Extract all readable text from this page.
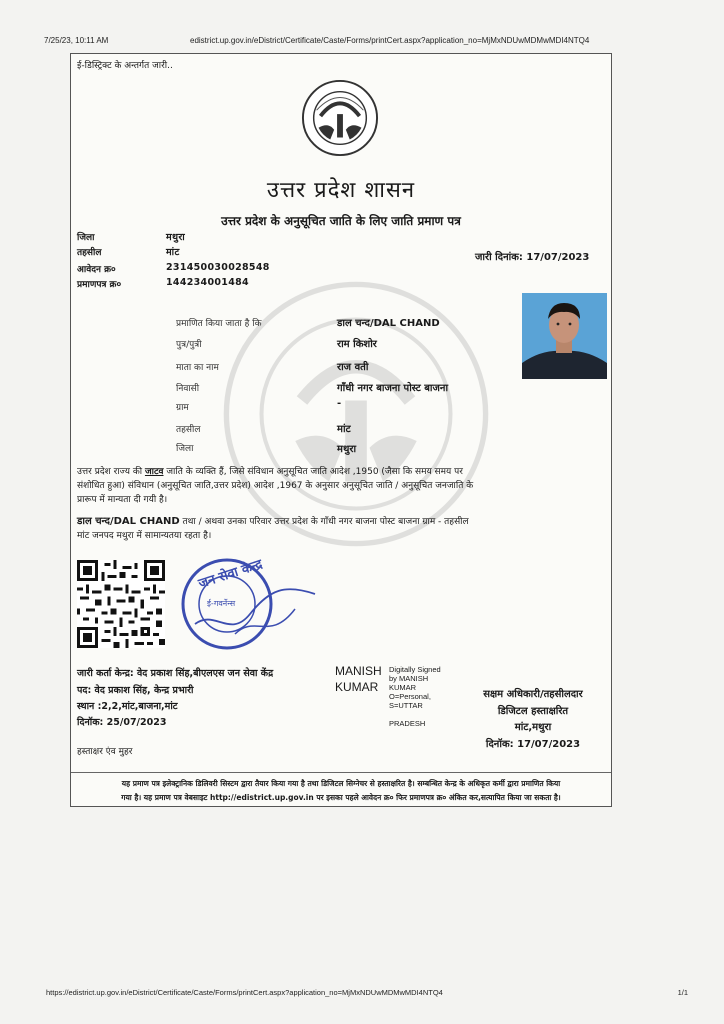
7/25/23, 10:11 AM	edistrict.up.gov.in/eDistrict/Certificate/Caste/Forms/printCert.aspx?application_no=MjMxNDUwMDMwMDI4NTQ4
ई-डिस्ट्रिक्ट के अन्तर्गत जारी..
उत्तर प्रदेश शासन
उत्तर प्रदेश के अनुसूचित जाति के लिए जाति प्रमाण पत्र
जिला	मथुरा
तहसील	मांट
आवेदन क्र०	231450030028548
प्रमाणपत्र क्र०	144234001484
जारी दिनांक: 17/07/2023
प्रमाणित किया जाता है कि	डाल चन्द/DAL CHAND
पुत्र/पुत्री	राम किशोर
माता का नाम	राज वती
निवासी	गाँधी नगर बाजना पोस्ट बाजना
ग्राम	-
तहसील	मांट
जिला	मथुरा
उत्तर प्रदेश राज्य की जाटव जाति के व्यक्ति हैं, जिसे संविधान अनुसूचित जाति आदेश ,1950 (जैसा कि समय समय पर
संशोधित हुआ) संविधान (अनुसूचित जाति,उत्तर प्रदेश) आदेश ,1967 के अनुसार अनुसूचित जाति / अनुसूचित जनजाति के
प्रारूप में मान्यता दी गयी है।
डाल चन्द/DAL CHAND तथा / अथवा उनका परिवार उत्तर प्रदेश के गाँधी नगर बाजना पोस्ट बाजना ग्राम - तहसील
मांट जनपद मथुरा में सामान्यतया रहता है।
जन सेवा केन्द्र
ई-गवर्नेन्स
जारी कर्ता केन्द्र: वेद प्रकाश सिंह,बीएलएस जन सेवा केंद्र
पद: वेद प्रकाश सिंह, केन्द्र प्रभारी
स्थान :2,2,मांट,बाजना,मांट
दिनॉक: 25/07/2023
हस्ताक्षर एंव मुहर
MANISH
KUMAR
Digitally Signed
by MANISH
KUMAR
O=Personal,
S=UTTAR
PRADESH
सक्षम अधिकारी/तहसीलदार
डिजिटल हस्ताक्षरित
मांट,मथुरा
दिनॉक: 17/07/2023
यह प्रमाण पत्र इलेक्ट्रानिक डिलिवरी सिस्टम द्वारा तैयार किया गया है तथा डिजिटल सिग्नेचर से हस्ताक्षरित है। सम्बन्धित केन्द्र के अधिकृत कर्मी द्वारा प्रमाणित किया
गया है। यह प्रमाण पत्र वेबसाइट http://edistrict.up.gov.in पर इसका पहले आवेदन क्र० फिर प्रमाणपत्र क्र० अंकित कर,सत्यापित किया जा सकता है।
https://edistrict.up.gov.in/eDistrict/Certificate/Caste/Forms/printCert.aspx?application_no=MjMxNDUwMDMwMDI4NTQ4	1/1
